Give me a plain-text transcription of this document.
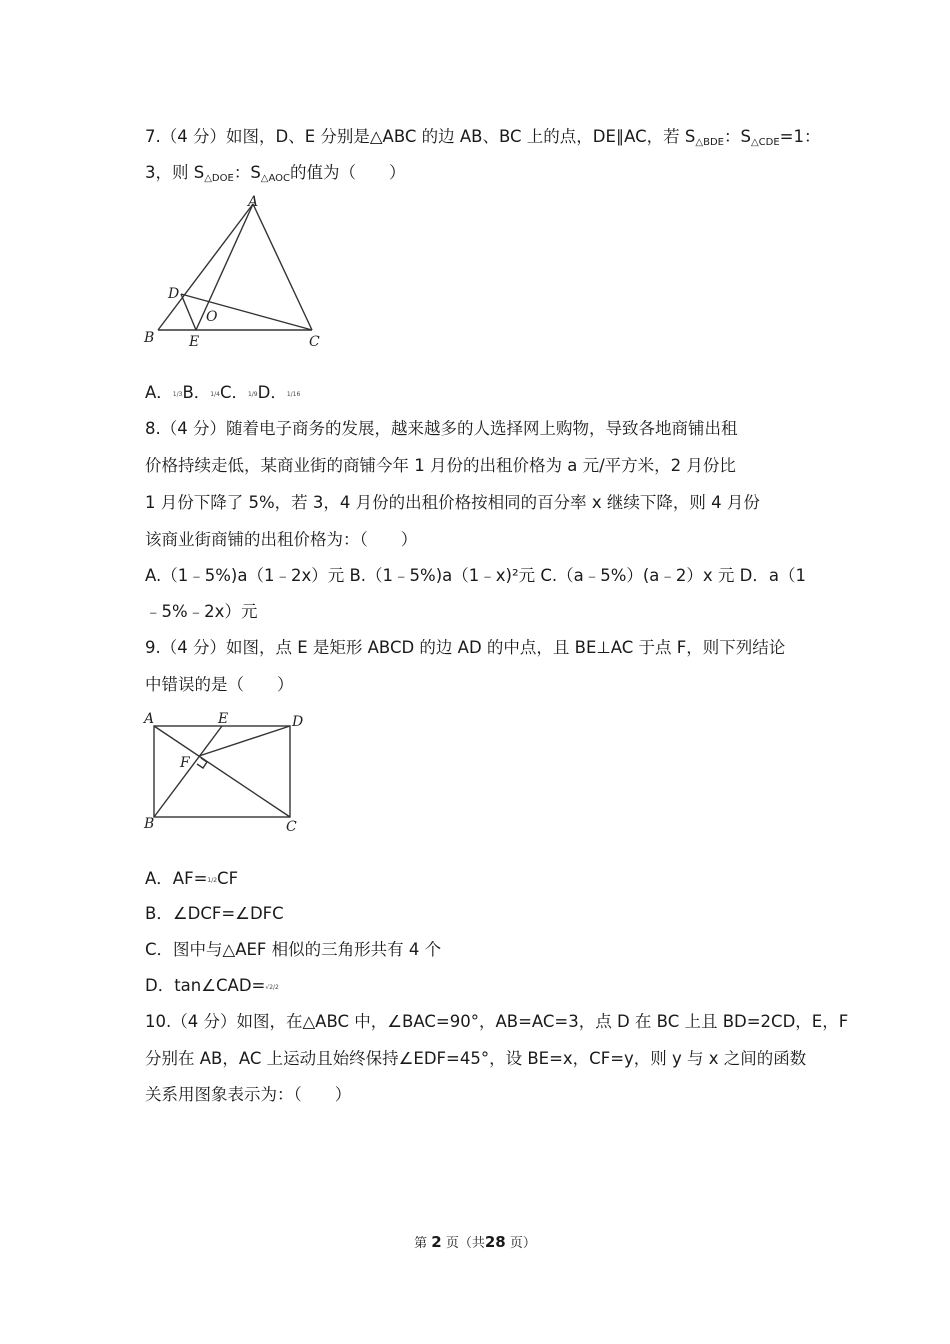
7.（4 分）如图，D、E 分别是△ABC 的边 AB、BC 上的点，DE∥AC，若 $S_{\triangle BDE}$：$S_{\triangle CDE}=1$：
3，则 $S_{\triangle DOE}$：$S_{\triangle AOC}$的值为（　　）
A
B	C
D
E
O
A．1/3B．1/4C．1/9D．1/16
8.（4 分）随着电子商务的发展，越来越多的人选择网上购物，导致各地商铺出租
价格持续走低，某商业街的商铺今年 1 月份的出租价格为 a 元/平方米，2 月份比
1 月份下降了 5%，若 3，4 月份的出租价格按相同的百分率 x 继续下降，则 4 月份
该商业街商铺的出租价格为：（　　）
A.（1﹣5%)a（1﹣2x）元 B.（1﹣5%)a（1﹣x)²元 C.（a﹣5%）(a﹣2）x 元 D．a（1
﹣5%﹣2x）元
9.（4 分）如图，点 E 是矩形 ABCD 的边 AD 的中点，且 BE⊥AC 于点 F，则下列结论
中错误的是（　　）
A	E	D
F
B	C
A．AF=1/2CF
B．∠DCF=∠DFC
C．图中与△AEF 相似的三角形共有 4 个
D．tan∠CAD=√2/2
10.（4 分）如图，在△ABC 中，∠BAC=90°，AB=AC=3，点 D 在 BC 上且 BD=2CD，E，F
分别在 AB，AC 上运动且始终保持∠EDF=45°，设 BE=x，CF=y，则 y 与 x 之间的函数
关系用图象表示为：（　　）
第 2 页（共28 页）
